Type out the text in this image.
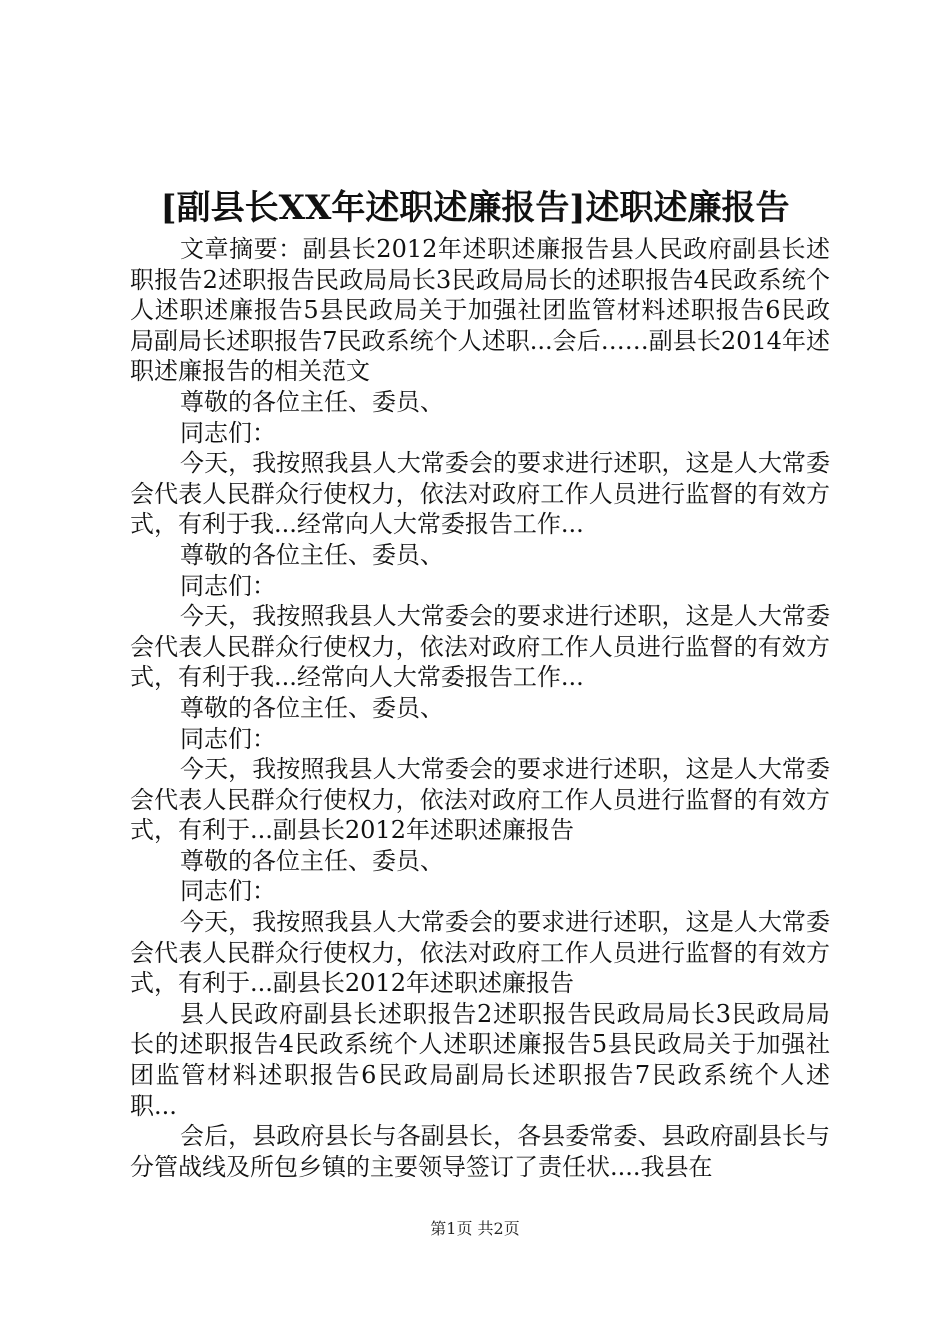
[副县长XX年述职述廉报告]述职述廉报告

文章摘要：副县长2012年述职述廉报告县人民政府副县长述职报告2述职报告民政局局长3民政局局长的述职报告4民政系统个人述职述廉报告5县民政局关于加强社团监管材料述职报告6民政局副局长述职报告7民政系统个人述职...会后……副县长2014年述职述廉报告的相关范文

尊敬的各位主任、委员、

同志们：

今天，我按照我县人大常委会的要求进行述职，这是人大常委会代表人民群众行使权力，依法对政府工作人员进行监督的有效方式，有利于我...经常向人大常委报告工作...

尊敬的各位主任、委员、

同志们：

今天，我按照我县人大常委会的要求进行述职，这是人大常委会代表人民群众行使权力，依法对政府工作人员进行监督的有效方式，有利于我...经常向人大常委报告工作...

尊敬的各位主任、委员、

同志们：

今天，我按照我县人大常委会的要求进行述职，这是人大常委会代表人民群众行使权力，依法对政府工作人员进行监督的有效方式，有利于...副县长2012年述职述廉报告

尊敬的各位主任、委员、

同志们：

今天，我按照我县人大常委会的要求进行述职，这是人大常委会代表人民群众行使权力，依法对政府工作人员进行监督的有效方式，有利于...副县长2012年述职述廉报告

县人民政府副县长述职报告2述职报告民政局局长3民政局局长的述职报告4民政系统个人述职述廉报告5县民政局关于加强社团监管材料述职报告6民政局副局长述职报告7民政系统个人述职...

会后，县政府县长与各副县长，各县委常委、县政府副县长与分管战线及所包乡镇的主要领导签订了责任状....我县在

第1页 共2页
